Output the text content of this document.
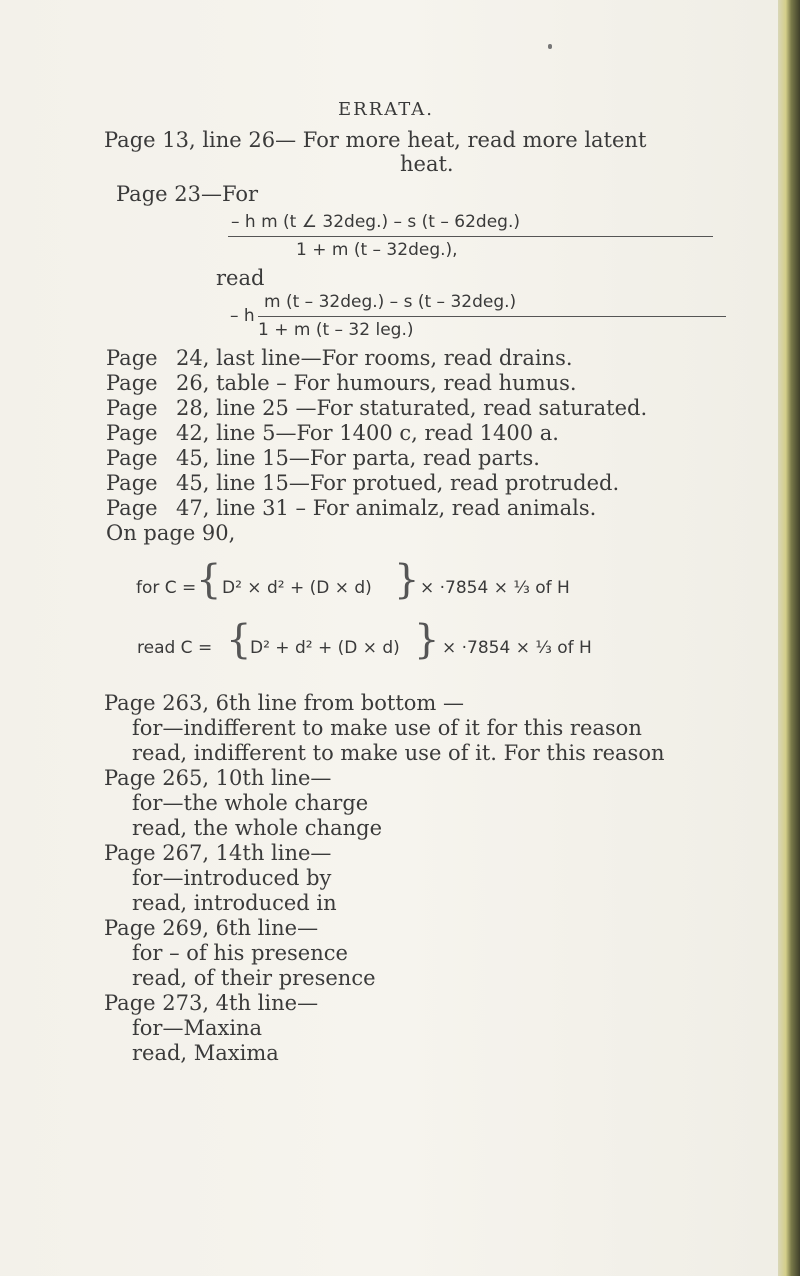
ERRATA.
Page 13, line 26— For more heat, read more latent
heat.
Page 23—For
– h m (t ∠ 32deg.) – s (t – 62deg.)
1 + m (t – 32deg.),
read
– h
m (t – 32deg.) – s (t – 32deg.)
1 + m (t – 32 leg.)
Page 24, last line—For rooms, read drains.
Page 26, table – For humours, read humus.
Page 28, line 25 —For staturated, read saturated.
Page 42, line 5—For 1400 c, read 1400 a.
Page 45, line 15—For parta, read parts.
Page 45, line 15—For protued, read protruded.
Page 47, line 31 – For animalz, read animals.
On page 90,
for C = { D² × d² + (D × d) } × ·7854 × ⅓ of H
read C = {
D² + d² + (D × d) } × ·7854 × ⅓ of H
Page 263, 6th line from bottom —
for—indifferent to make use of it for this reason
read, indifferent to make use of it. For this reason
Page 265, 10th line—
for—the whole charge
read, the whole change
Page 267, 14th line—
for—introduced by
read, introduced in
Page 269, 6th line—
for – of his presence
read, of their presence
Page 273, 4th line—
for—Maxina
read, Maxima
